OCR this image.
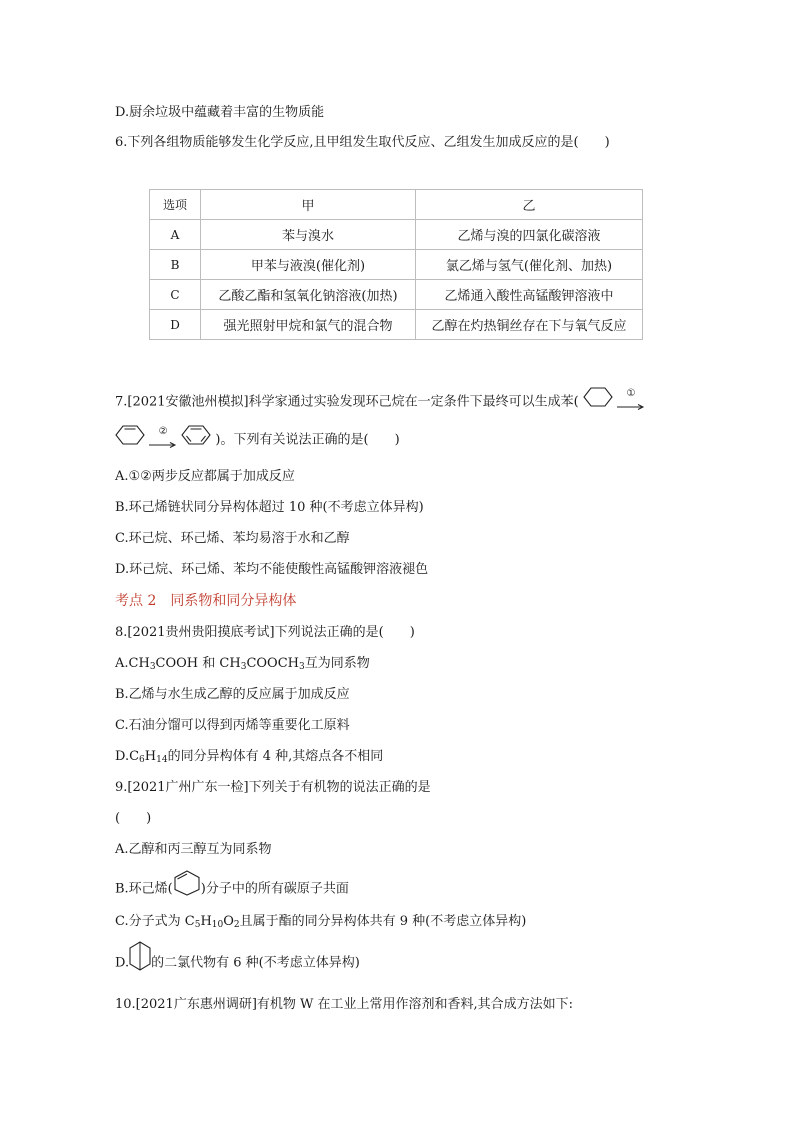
D.厨余垃圾中蕴藏着丰富的生物质能
6.下列各组物质能够发生化学反应,且甲组发生取代反应、乙组发生加成反应的是(　　)
选项	甲	乙
A	苯与溴水	乙烯与溴的四氯化碳溶液
B	甲苯与液溴(催化剂)	氯乙烯与氢气(催化剂、加热)
C	乙酸乙酯和氢氧化钠溶液(加热)	乙烯通入酸性高锰酸钾溶液中
D	强光照射甲烷和氯气的混合物	乙醇在灼热铜丝存在下与氧气反应
7.[2021安徽池州模拟]科学家通过实验发现环己烷在一定条件下最终可以生成苯(
①

②
)。下列有关说法正确的是(　　)
A.①②两步反应都属于加成反应
B.环己烯链状同分异构体超过 10 种(不考虑立体异构)
C.环己烷、环己烯、苯均易溶于水和乙醇
D.环己烷、环己烯、苯均不能使酸性高锰酸钾溶液褪色
考点 2　同系物和同分异构体
8.[2021贵州贵阳摸底考试]下列说法正确的是(　　)
$A.CH_3COOH$ 和 $CH_3COOCH_3$互为同系物
B.乙烯与水生成乙醇的反应属于加成反应
C.石油分馏可以得到丙烯等重要化工原料
$D.C_6H_{14}$的同分异构体有 4 种,其熔点各不相同
9.[2021广州广东一检]下列关于有机物的说法正确的是
(　　)
A.乙醇和丙三醇互为同系物
B.环己烯( )分子中的所有碳原子共面
C.分子式为 $C_5H_{10}O_2$且属于酯的同分异构体共有 9 种(不考虑立体异构)
D. 的二氯代物有 6 种(不考虑立体异构)
10.[2021广东惠州调研]有机物 W 在工业上常用作溶剂和香料,其合成方法如下:
